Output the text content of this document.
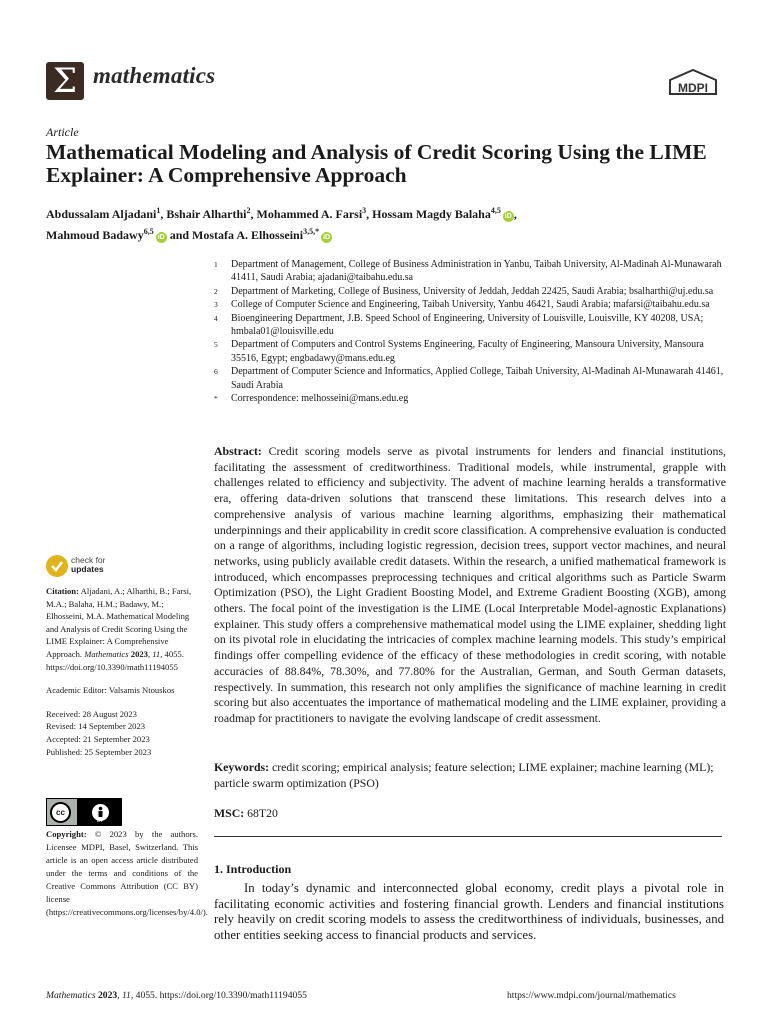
Σ mathematics	MDPI
Article
Mathematical Modeling and Analysis of Credit Scoring Using the LIME Explainer: A Comprehensive Approach
Abdussalam Aljadani$^1$, Bshair Alharthi$^2$, Mohammed A. Farsi$^3$, Hossam Magdy Balaha$^{4,5}$iD ,
Mahmoud Badawy$^{6,5}$iD and Mostafa A. Elhosseini$^{3,5,*}$iD
1	Department of Management, College of Business Administration in Yanbu, Taibah University, Al-Madinah Al-Munawarah 41411, Saudi Arabia; ajadani@taibahu.edu.sa
2	Department of Marketing, College of Business, University of Jeddah, Jeddah 22425, Saudi Arabia; bsalharthi@uj.edu.sa
3	College of Computer Science and Engineering, Taibah University, Yanbu 46421, Saudi Arabia; mafarsi@taibahu.edu.sa
4	Bioengineering Department, J.B. Speed School of Engineering, University of Louisville, Louisville, KY 40208, USA; hmbala01@louisville.edu
5	Department of Computers and Control Systems Engineering, Faculty of Engineering, Mansoura University, Mansoura 35516, Egypt; engbadawy@mans.edu.eg
6	Department of Computer Science and Informatics, Applied College, Taibah University, Al-Madinah Al-Munawarah 41461, Saudi Arabia
*	Correspondence: melhosseini@mans.edu.eg
Abstract: Credit scoring models serve as pivotal instruments for lenders and financial institutions, facilitating the assessment of creditworthiness. Traditional models, while instrumental, grapple with challenges related to efficiency and subjectivity. The advent of machine learning heralds a transformative era, offering data-driven solutions that transcend these limitations. This research delves into a comprehensive analysis of various machine learning algorithms, emphasizing their mathematical underpinnings and their applicability in credit score classification. A comprehensive evaluation is conducted on a range of algorithms, including logistic regression, decision trees, support vector machines, and neural networks, using publicly available credit datasets. Within the research, a unified mathematical framework is introduced, which encompasses preprocessing techniques and critical algorithms such as Particle Swarm Optimization (PSO), the Light Gradient Boosting Model, and Extreme Gradient Boosting (XGB), among others. The focal point of the investigation is the LIME (Local Interpretable Model-agnostic Explanations) explainer. This study offers a comprehensive mathematical model using the LIME explainer, shedding light on its pivotal role in elucidating the intricacies of complex machine learning models. This study’s empirical findings offer compelling evidence of the efficacy of these methodologies in credit scoring, with notable accuracies of 88.84%, 78.30%, and 77.80% for the Australian, German, and South German datasets, respectively. In summation, this research not only amplifies the significance of machine learning in credit scoring but also accentuates the importance of mathematical modeling and the LIME explainer, providing a roadmap for practitioners to navigate the evolving landscape of credit assessment.
Keywords: credit scoring; empirical analysis; feature selection; LIME explainer; machine learning (ML); particle swarm optimization (PSO)
MSC: 68T20
1. Introduction
In today’s dynamic and interconnected global economy, credit plays a pivotal role in facilitating economic activities and fostering financial growth. Lenders and financial institutions rely heavily on credit scoring models to assess the creditworthiness of individuals, businesses, and other entities seeking access to financial products and services.
check for
updates
Citation: Aljadani, A.; Alharthi, B.; Farsi, M.A.; Balaha, H.M.; Badawy, M.; Elhosseini, M.A. Mathematical Modeling and Analysis of Credit Scoring Using the LIME Explainer: A Comprehensive Approach. Mathematics 2023, 11, 4055. https://doi.org/10.3390/math11194055
Academic Editor: Valsamis Ntouskos
Received: 28 August 2023
Revised: 14 September 2023
Accepted: 21 September 2023
Published: 25 September 2023
cc
BY
Copyright: © 2023 by the authors. Licensee MDPI, Basel, Switzerland. This article is an open access article distributed under the terms and conditions of the Creative Commons Attribution (CC BY) license (https://creativecommons.org/licenses/by/4.0/).
Mathematics 2023, 11, 4055. https://doi.org/10.3390/math11194055	https://www.mdpi.com/journal/mathematics
